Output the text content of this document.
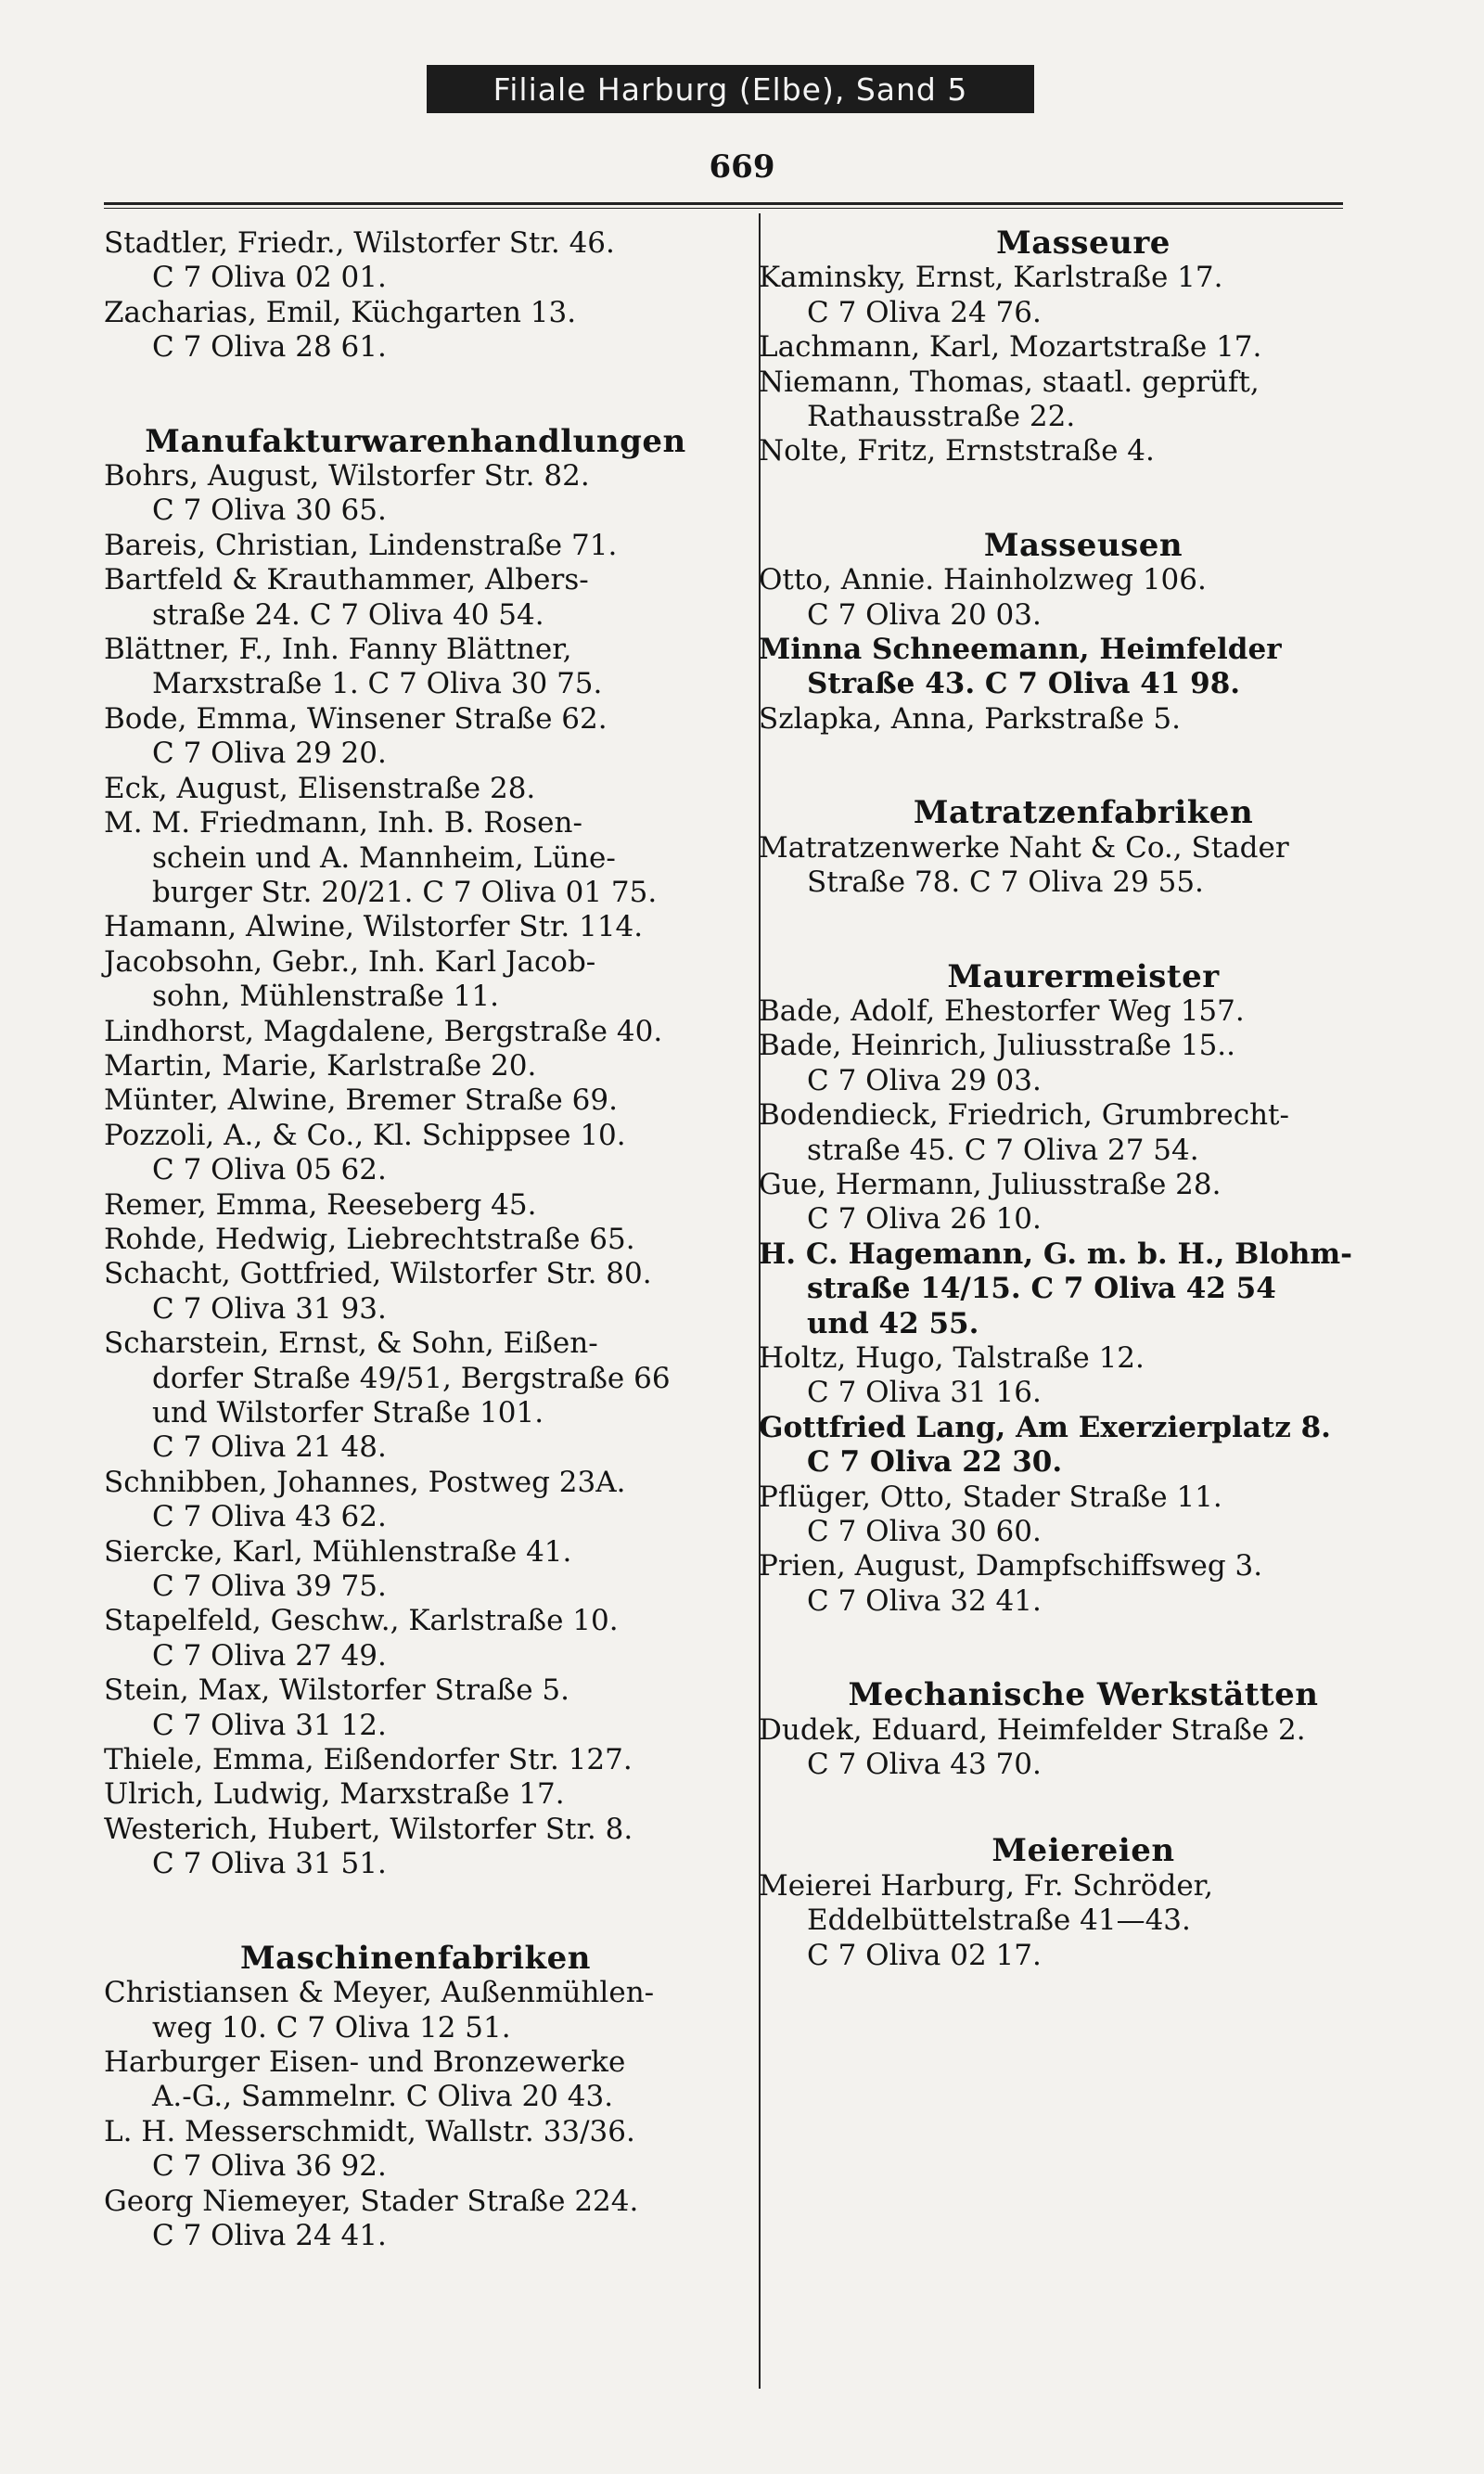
Filiale Harburg (Elbe), Sand 5
669
Stadtler, Friedr., Wilstorfer Str. 46.
C 7 Oliva 02 01.
Zacharias, Emil, Küchgarten 13.
C 7 Oliva 28 61.
Manufakturwarenhandlungen
Bohrs, August, Wilstorfer Str. 82.
C 7 Oliva 30 65.
Bareis, Christian, Lindenstraße 71.
Bartfeld & Krauthammer, Albers-
straße 24. C 7 Oliva 40 54.
Blättner, F., Inh. Fanny Blättner,
Marxstraße 1. C 7 Oliva 30 75.
Bode, Emma, Winsener Straße 62.
C 7 Oliva 29 20.
Eck, August, Elisenstraße 28.
M. M. Friedmann, Inh. B. Rosen-
schein und A. Mannheim, Lüne-
burger Str. 20/21. C 7 Oliva 01 75.
Hamann, Alwine, Wilstorfer Str. 114.
Jacobsohn, Gebr., Inh. Karl Jacob-
sohn, Mühlenstraße 11.
Lindhorst, Magdalene, Bergstraße 40.
Martin, Marie, Karlstraße 20.
Münter, Alwine, Bremer Straße 69.
Pozzoli, A., & Co., Kl. Schippsee 10.
C 7 Oliva 05 62.
Remer, Emma, Reeseberg 45.
Rohde, Hedwig, Liebrechtstraße 65.
Schacht, Gottfried, Wilstorfer Str. 80.
C 7 Oliva 31 93.
Scharstein, Ernst, & Sohn, Eißen-
dorfer Straße 49/51, Bergstraße 66
und Wilstorfer Straße 101.
C 7 Oliva 21 48.
Schnibben, Johannes, Postweg 23A.
C 7 Oliva 43 62.
Siercke, Karl, Mühlenstraße 41.
C 7 Oliva 39 75.
Stapelfeld, Geschw., Karlstraße 10.
C 7 Oliva 27 49.
Stein, Max, Wilstorfer Straße 5.
C 7 Oliva 31 12.
Thiele, Emma, Eißendorfer Str. 127.
Ulrich, Ludwig, Marxstraße 17.
Westerich, Hubert, Wilstorfer Str. 8.
C 7 Oliva 31 51.
Maschinenfabriken
Christiansen & Meyer, Außenmühlen-
weg 10. C 7 Oliva 12 51.
Harburger Eisen- und Bronzewerke
A.-G., Sammelnr. C Oliva 20 43.
L. H. Messerschmidt, Wallstr. 33/36.
C 7 Oliva 36 92.
Georg Niemeyer, Stader Straße 224.
C 7 Oliva 24 41.
Masseure
Kaminsky, Ernst, Karlstraße 17.
C 7 Oliva 24 76.
Lachmann, Karl, Mozartstraße 17.
Niemann, Thomas, staatl. geprüft,
Rathausstraße 22.
Nolte, Fritz, Ernststraße 4.
Masseusen
Otto, Annie. Hainholzweg 106.
C 7 Oliva 20 03.
Minna Schneemann, Heimfelder
Straße 43. C 7 Oliva 41 98.
Szlapka, Anna, Parkstraße 5.
Matratzenfabriken
Matratzenwerke Naht & Co., Stader
Straße 78. C 7 Oliva 29 55.
Maurermeister
Bade, Adolf, Ehestorfer Weg 157.
Bade, Heinrich, Juliusstraße 15..
C 7 Oliva 29 03.
Bodendieck, Friedrich, Grumbrecht-
straße 45. C 7 Oliva 27 54.
Gue, Hermann, Juliusstraße 28.
C 7 Oliva 26 10.
H. C. Hagemann, G. m. b. H., Blohm-
straße 14/15. C 7 Oliva 42 54
und 42 55.
Holtz, Hugo, Talstraße 12.
C 7 Oliva 31 16.
Gottfried Lang, Am Exerzierplatz 8.
C 7 Oliva 22 30.
Pflüger, Otto, Stader Straße 11.
C 7 Oliva 30 60.
Prien, August, Dampfschiffsweg 3.
C 7 Oliva 32 41.
Mechanische Werkstätten
Dudek, Eduard, Heimfelder Straße 2.
C 7 Oliva 43 70.
Meiereien
Meierei Harburg, Fr. Schröder,
Eddelbüttelstraße 41—43.
C 7 Oliva 02 17.
